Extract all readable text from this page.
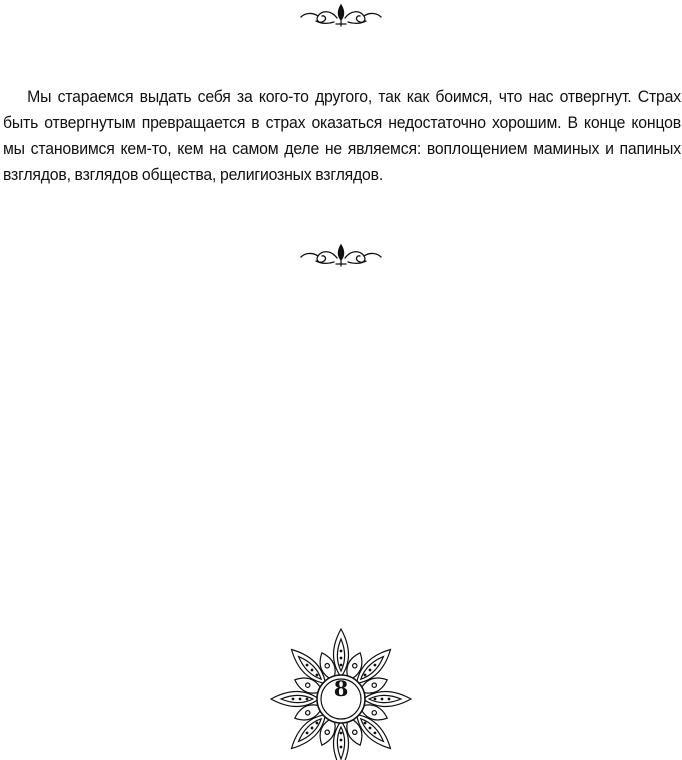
Мы стараемся выдать себя за кого-то другого, так как боимся, что нас отвергнут. Страх быть отвергнутым превращается в страх оказаться недостаточно хорошим. В конце концов мы становимся кем-то, кем на самом деле не являемся: воплощением маминых и папиных взглядов, взглядов общества, религиозных взглядов.

8
